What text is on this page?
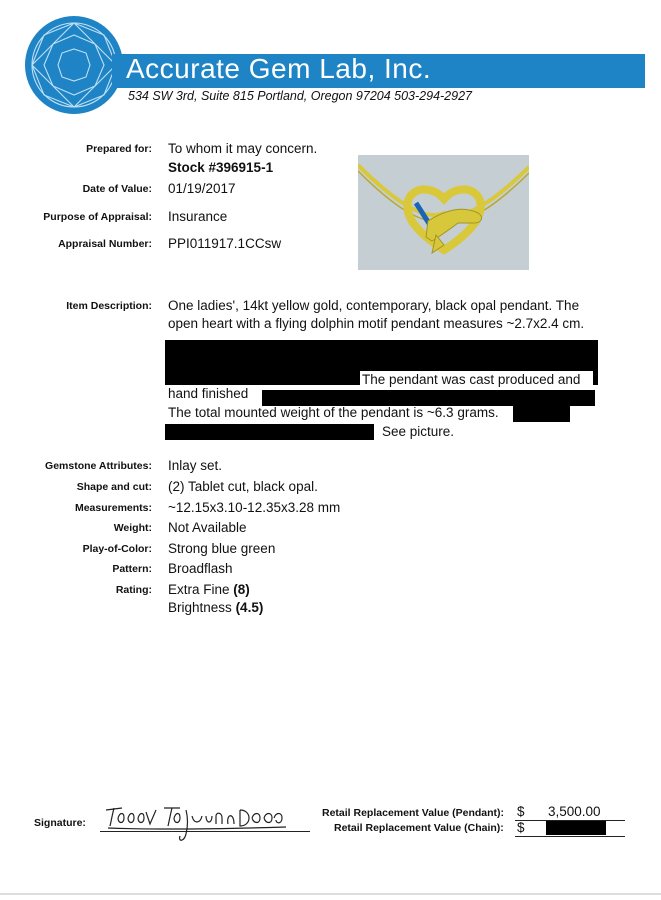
Accurate Gem Lab, Inc.
534 SW 3rd, Suite 815 Portland, Oregon 97204 503-294-2927
Prepared for: To whom it may concern.
Stock #396915-1
Date of Value: 01/19/2017
Purpose of Appraisal: Insurance
Appraisal Number: PPI011917.1CCsw
Item Description: One ladies', 14kt yellow gold, contemporary, black opal pendant. The
open heart with a flying dolphin motif pendant measures ~2.7x2.4 cm.
The pendant was cast produced and
hand finished
The total mounted weight of the pendant is ~6.3 grams.
See picture.
Gemstone Attributes: Inlay set.
Shape and cut: (2) Tablet cut, black opal.
Measurements: ~12.15x3.10-12.35x3.28 mm
Weight: Not Available
Play-of-Color: Strong blue green
Pattern: Broadflash
Rating: Extra Fine (8)
Brightness (4.5)
Signature:
Tiooo V. To Juan DGGG
Retail Replacement Value (Pendant): $ 3,500.00
Retail Replacement Value (Chain): $
